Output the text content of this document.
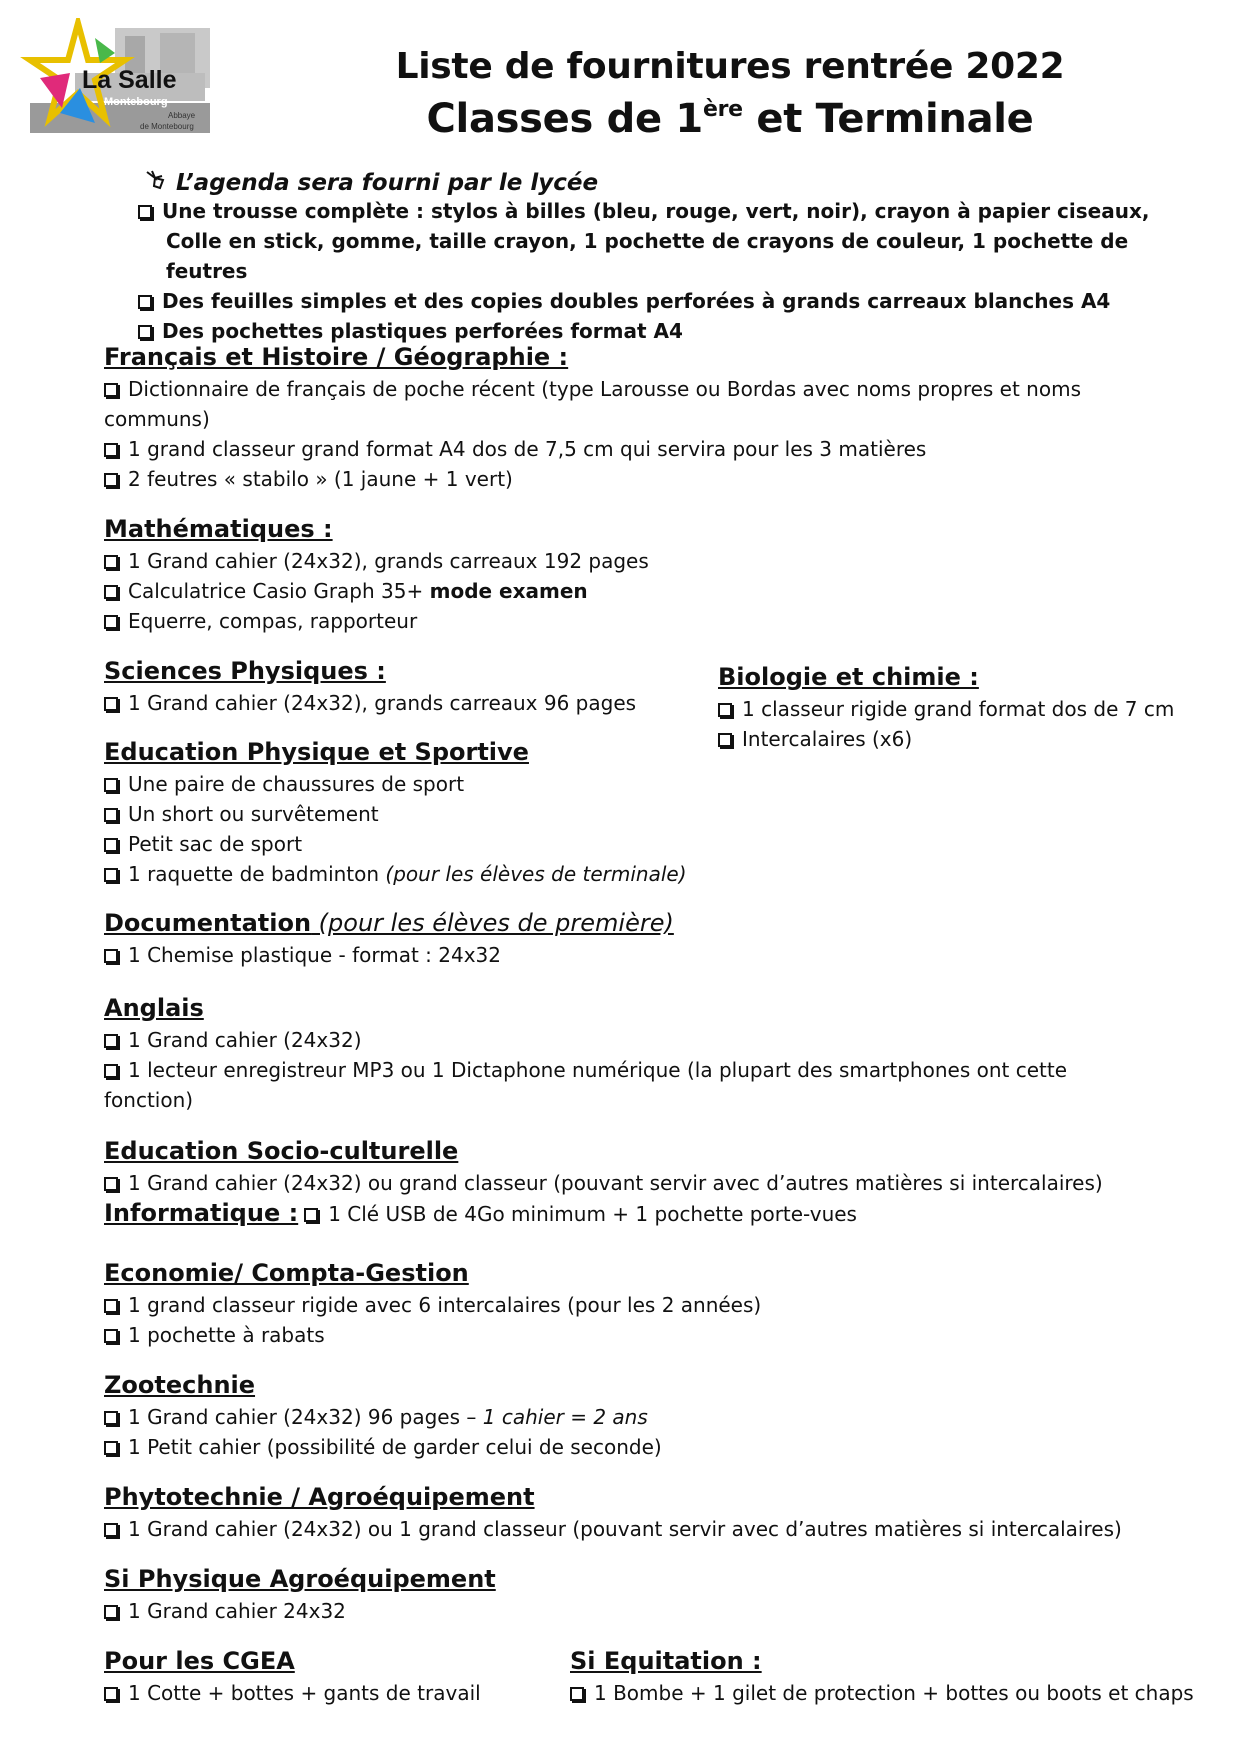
La Salle
Montebourg
Abbaye
de Montebourg
Liste de fournitures rentrée 2022
Classes de 1ère et Terminale
L’agenda sera fourni par le lycée
Une trousse complète : stylos à billes (bleu, rouge, vert, noir), crayon à papier ciseaux,
Colle en stick, gomme, taille crayon, 1 pochette de crayons de couleur, 1 pochette de feutres
Des feuilles simples et des copies doubles perforées à grands carreaux blanches A4
Des pochettes plastiques perforées format A4
Français et Histoire / Géographie :
Dictionnaire de français de poche récent (type Larousse ou Bordas avec noms propres et noms
communs)
1 grand classeur grand format A4 dos de 7,5 cm qui servira pour les 3 matières
2 feutres « stabilo » (1 jaune + 1 vert)
Mathématiques :
1 Grand cahier (24x32), grands carreaux 192 pages
Calculatrice Casio Graph 35+ mode examen
Equerre, compas, rapporteur
Sciences Physiques :
1 Grand cahier (24x32), grands carreaux 96 pages
Biologie et chimie :
1 classeur rigide grand format dos de 7 cm
Intercalaires (x6)
Education Physique et Sportive
Une paire de chaussures de sport
Un short ou survêtement
Petit sac de sport
1 raquette de badminton (pour les élèves de terminale)
Documentation (pour les élèves de première)
1 Chemise plastique - format : 24x32
Anglais
1 Grand cahier (24x32)
1 lecteur enregistreur MP3 ou 1 Dictaphone numérique (la plupart des smartphones ont cette
fonction)
Education Socio-culturelle
1 Grand cahier (24x32) ou grand classeur (pouvant servir avec d’autres matières si intercalaires)
Informatique : 1 Clé USB de 4Go minimum + 1 pochette porte-vues
Economie/ Compta-Gestion
1 grand classeur rigide avec 6 intercalaires (pour les 2 années)
1 pochette à rabats
Zootechnie
1 Grand cahier (24x32) 96 pages – 1 cahier = 2 ans
1 Petit cahier (possibilité de garder celui de seconde)
Phytotechnie / Agroéquipement
1 Grand cahier (24x32) ou 1 grand classeur (pouvant servir avec d’autres matières si intercalaires)
Si Physique Agroéquipement
1 Grand cahier 24x32
Pour les CGEA
1 Cotte + bottes + gants de travail
Si Equitation :
1 Bombe + 1 gilet de protection + bottes ou boots et chaps
